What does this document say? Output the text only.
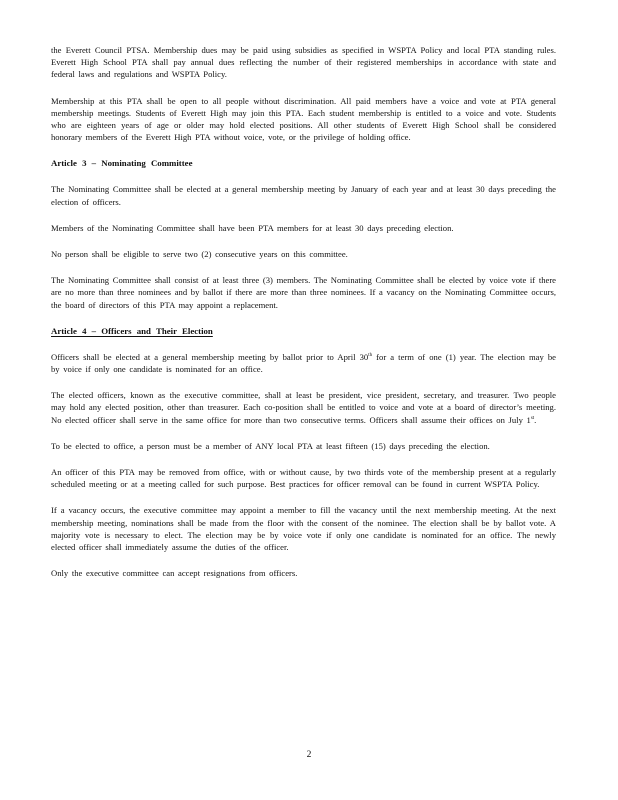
the Everett Council PTSA. Membership dues may be paid using subsidies as specified in WSPTA Policy and local PTA standing rules. Everett High School PTA shall pay annual dues reflecting the number of their registered memberships in accordance with state and federal laws and regulations and WSPTA Policy.

Membership at this PTA shall be open to all people without discrimination. All paid members have a voice and vote at PTA general membership meetings. Students of Everett High may join this PTA. Each student membership is entitled to a voice and vote. Students who are eighteen years of age or older may hold elected positions. All other students of Everett High School shall be considered honorary members of the Everett High PTA without voice, vote, or the privilege of holding office.

Article 3 – Nominating Committee

The Nominating Committee shall be elected at a general membership meeting by January of each year and at least 30 days preceding the election of officers.

Members of the Nominating Committee shall have been PTA members for at least 30 days preceding election.

No person shall be eligible to serve two (2) consecutive years on this committee.

The Nominating Committee shall consist of at least three (3) members. The Nominating Committee shall be elected by voice vote if there are no more than three nominees and by ballot if there are more than three nominees. If a vacancy on the Nominating Committee occurs, the board of directors of this PTA may appoint a replacement.

Article 4 – Officers and Their Election

Officers shall be elected at a general membership meeting by ballot prior to April 30th for a term of one (1) year. The election may be by voice if only one candidate is nominated for an office.

The elected officers, known as the executive committee, shall at least be president, vice president, secretary, and treasurer. Two people may hold any elected position, other than treasurer. Each co-position shall be entitled to voice and vote at a board of director’s meeting. No elected officer shall serve in the same office for more than two consecutive terms. Officers shall assume their offices on July 1st.

To be elected to office, a person must be a member of ANY local PTA at least fifteen (15) days preceding the election.

An officer of this PTA may be removed from office, with or without cause, by two thirds vote of the membership present at a regularly scheduled meeting or at a meeting called for such purpose. Best practices for officer removal can be found in current WSPTA Policy.

If a vacancy occurs, the executive committee may appoint a member to fill the vacancy until the next membership meeting. At the next membership meeting, nominations shall be made from the floor with the consent of the nominee. The election shall be by ballot vote. A majority vote is necessary to elect. The election may be by voice vote if only one candidate is nominated for an office. The newly elected officer shall immediately assume the duties of the officer.

Only the executive committee can accept resignations from officers.

2
